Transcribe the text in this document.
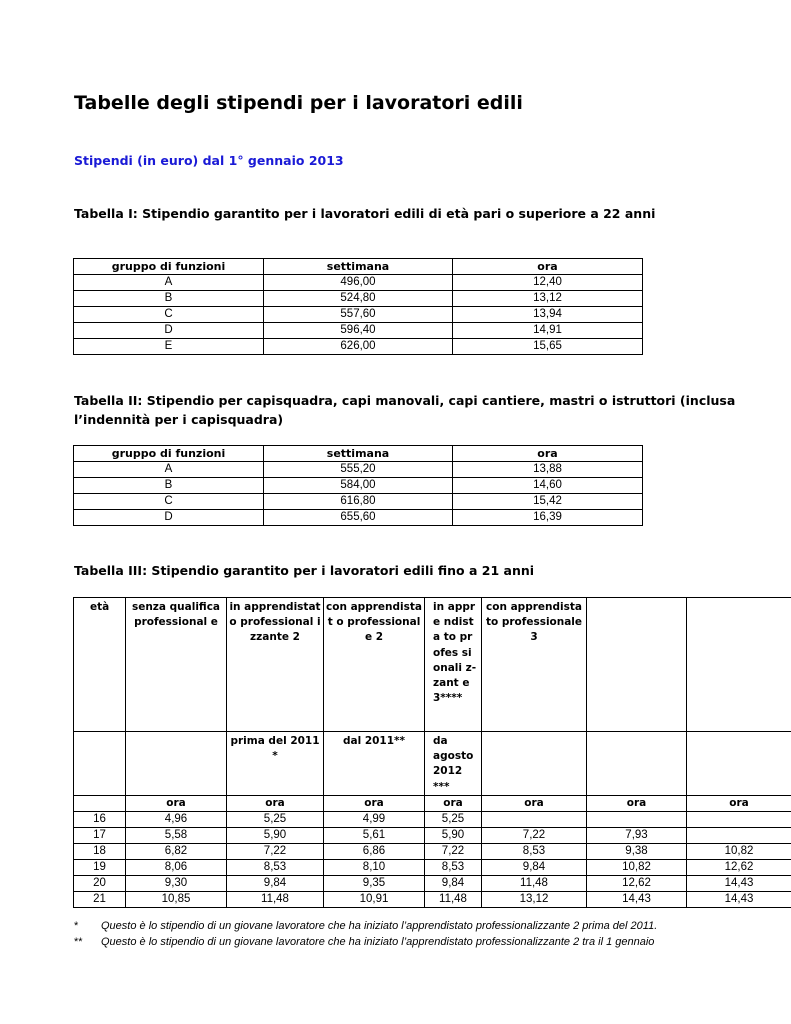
Tabelle degli stipendi per i lavoratori edili
Stipendi (in euro) dal 1° gennaio 2013
Tabella I: Stipendio garantito per i lavoratori edili di età pari o superiore a 22 anni
gruppo di funzioni	settimana	ora
A	496,00	12,40
B	524,80	13,12
C	557,60	13,94
D	596,40	14,91
E	626,00	15,65
Tabella II: Stipendio per capisquadra, capi manovali, capi cantiere, mastri o istruttori (inclusa
l’indennità per i capisquadra)
gruppo di funzioni	settimana	ora
A	555,20	13,88
B	584,00	14,60
C	616,80	15,42
D	655,60	16,39
Tabella III: Stipendio garantito per i lavoratori edili fino a 21 anni
età	senza qualifica professional e	in apprendistat o professional izzante 2	con apprendistat o professional e 2	in appre ndista to profes sionali z-zant e 3****	con apprendistato professionale 3		
		prima del 2011*	dal 2011**	da agosto 2012 ***			
	ora	ora	ora	ora	ora	ora	ora
16	4,96	5,25	4,99	5,25			
17	5,58	5,90	5,61	5,90	7,22	7,93	
18	6,82	7,22	6,86	7,22	8,53	9,38	10,82
19	8,06	8,53	8,10	8,53	9,84	10,82	12,62
20	9,30	9,84	9,35	9,84	11,48	12,62	14,43
21	10,85	11,48	10,91	11,48	13,12	14,43	14,43
*	Questo è lo stipendio di un giovane lavoratore che ha iniziato l’apprendistato professionalizzante 2 prima del 2011.
**	Questo è lo stipendio di un giovane lavoratore che ha iniziato l’apprendistato professionalizzante 2 tra il 1 gennaio
